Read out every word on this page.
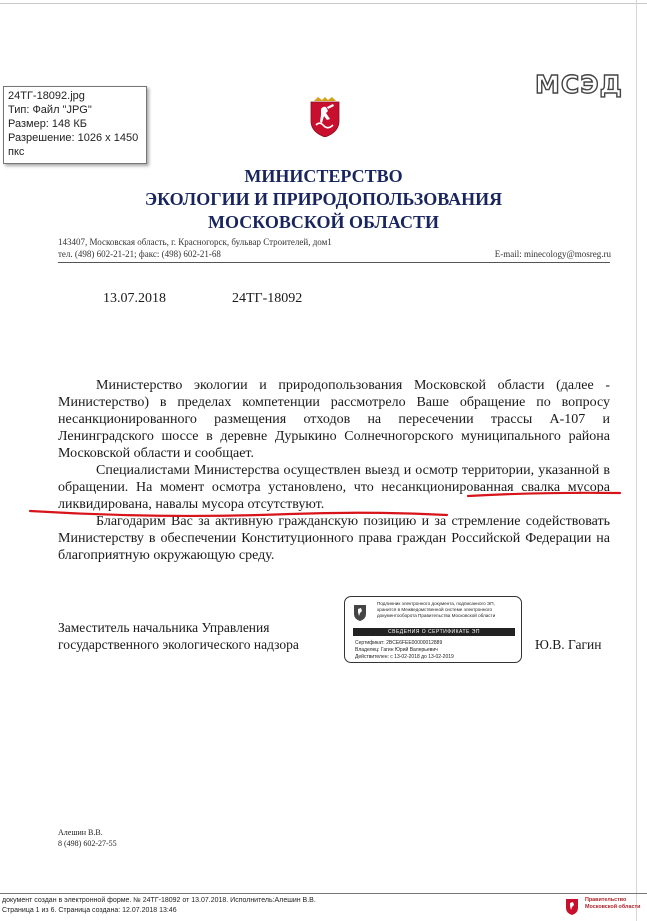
24ТГ-18092.jpg
Тип: Файл "JPG"
Размер: 148 КБ
Разрешение: 1026 x 1450
пкс
МСЭД
МИНИСТЕРСТВО
ЭКОЛОГИИ И ПРИРОДОПОЛЬЗОВАНИЯ
МОСКОВСКОЙ ОБЛАСТИ
143407, Московская область, г. Красногорск, бульвар Строителей, дом1
тел. (498) 602-21-21; факс: (498) 602-21-68	E-mail: minecology@mosreg.ru
13.07.2018	24ТГ-18092

Министерство экологии и природопользования Московской области (далее - Министерство) в пределах компетенции рассмотрело Ваше обращение по вопросу несанкционированного размещения отходов на пересечении трассы А-107 и Ленинградского шоссе в деревне Дурыкино Солнечногорского муниципального района Московской области и сообщает.

Специалистами Министерства осуществлен выезд и осмотр территории, указанной в обращении. На момент осмотра установлено, что несанкционированная свалка мусора ликвидирована, навалы мусора отсутствуют.

Благодарим Вас за активную гражданскую позицию и за стремление содействовать Министерству в обеспечении Конституционного права граждан Российской Федерации на благоприятную окружающую среду.

Заместитель начальника Управления
государственного экологического надзора	Ю.В. Гагин
Подлинник электронного документа, подписанного ЭП,
хранится в Межведомственной системе электронного
документооборота Правительства Московской области
СВЕДЕНИЯ О СЕРТИФИКАТЕ ЭП
Сертификат: 2BCE6FEE00000012889
Владелец: Гагин Юрий Валерьевич
Действителен: с 13-02-2018 до 13-02-2019
Алешин В.В.
8 (498) 602-27-55
документ создан в электронной форме. № 24ТГ-18092 от 13.07.2018. Исполнитель:Алешин В.В.
Страница 1 из 6. Страница создана: 12.07.2018 13:46
Правительство
Московской области
